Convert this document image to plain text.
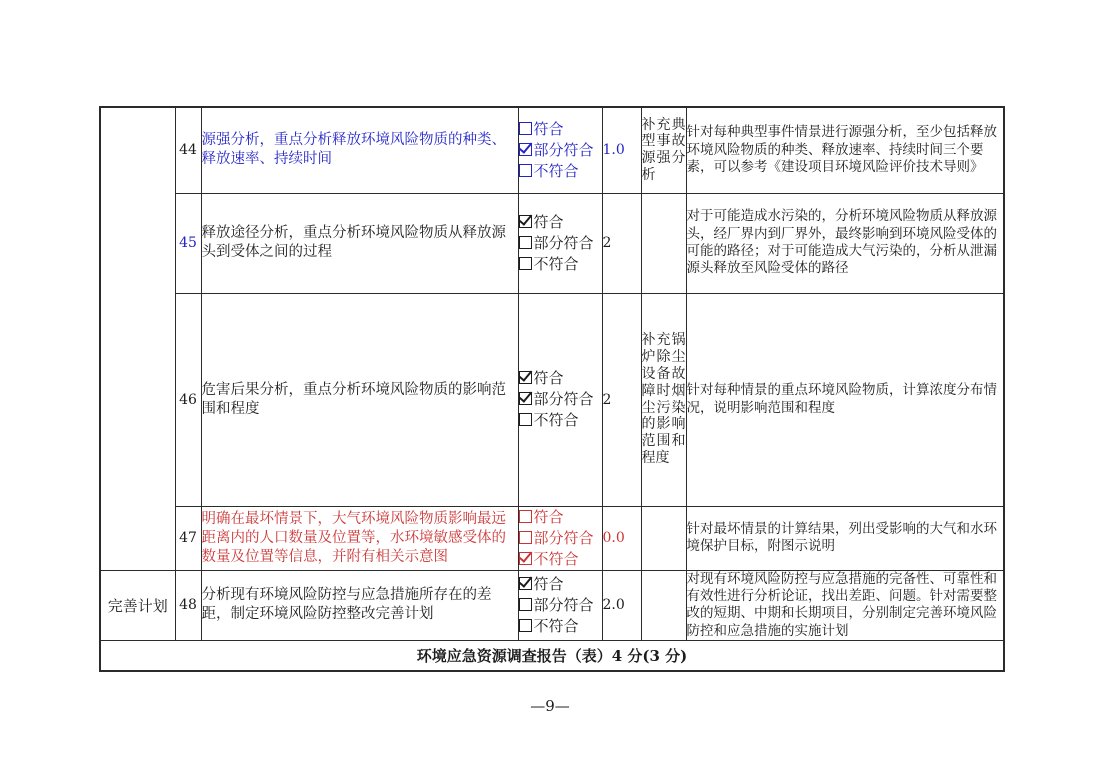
	44	源强分析，重点分析释放环境风险物质的种类、释放速率、持续时间	符合
部分符合
不符合	1.0	补充典型事故源强分析	针对每种典型事件情景进行源强分析，至少包括释放环境风险物质的种类、释放速率、持续时间三个要素，可以参考《建设项目环境风险评价技术导则》
	45	释放途径分析，重点分析环境风险物质从释放源头到受体之间的过程	符合
部分符合
不符合	2		对于可能造成水污染的，分析环境风险物质从释放源头，经厂界内到厂界外，最终影响到环境风险受体的可能的路径；对于可能造成大气污染的，分析从泄漏源头释放至风险受体的路径
	46	危害后果分析，重点分析环境风险物质的影响范围和程度	符合
部分符合
不符合	2	补充锅炉除尘设备故障时烟尘污染的影响范围和程度	针对每种情景的重点环境风险物质，计算浓度分布情况，说明影响范围和程度
	47	明确在最坏情景下，大气环境风险物质影响最远距离内的人口数量及位置等，水环境敏感受体的数量及位置等信息，并附有相关示意图	符合
部分符合
不符合	0.0		针对最坏情景的计算结果，列出受影响的大气和水环境保护目标，附图示说明
完善计划	48	分析现有环境风险防控与应急措施所存在的差距，制定环境风险防控整改完善计划	符合
部分符合
不符合	2.0		对现有环境风险防控与应急措施的完备性、可靠性和有效性进行分析论证，找出差距、问题。针对需要整改的短期、中期和长期项目，分别制定完善环境风险防控和应急措施的实施计划
环境应急资源调查报告（表）4 分(3 分)						
—9—
